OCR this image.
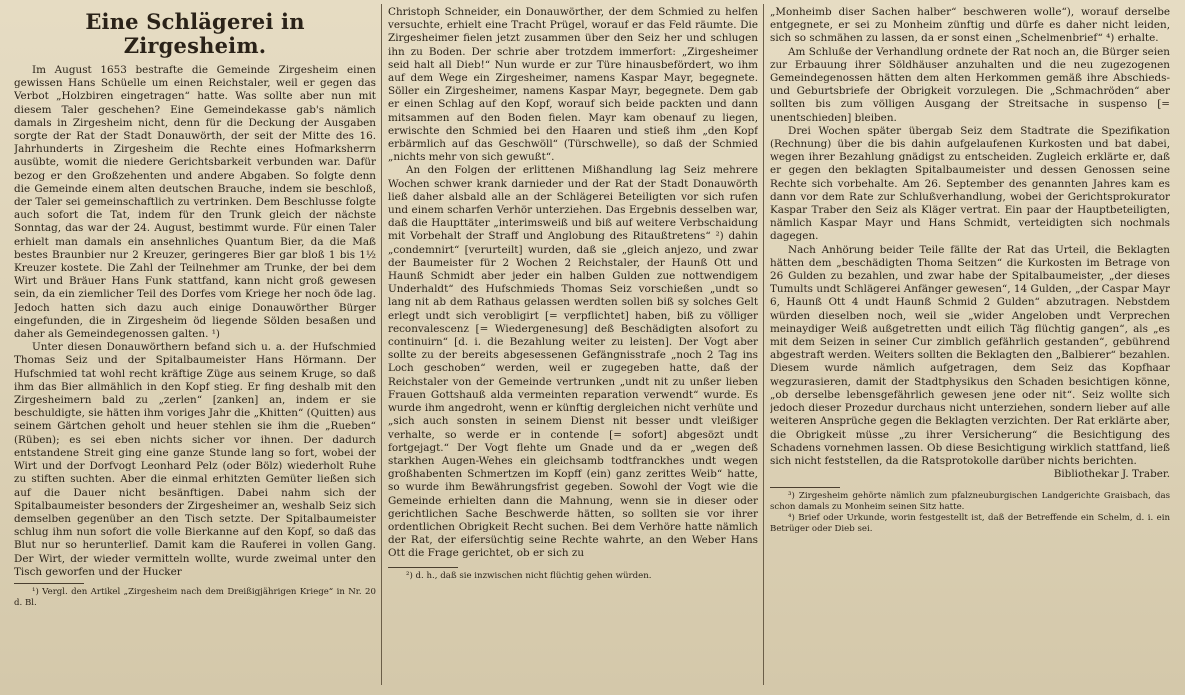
Eine Schlägerei in Zirgesheim.

Im August 1653 bestrafte die Gemeinde Zirgesheim einen gewissen Hans Schüelle um einen Reichstaler, weil er gegen das Verbot „Holzbiren eingetragen“ hatte. Was sollte aber nun mit diesem Taler geschehen? Eine Gemeindekasse gab's nämlich damals in Zirgesheim nicht, denn für die Deckung der Ausgaben sorgte der Rat der Stadt Donauwörth, der seit der Mitte des 16. Jahrhunderts in Zirgesheim die Rechte eines Hofmarksherrn ausübte, womit die niedere Gerichtsbarkeit verbunden war. Dafür bezog er den Großzehenten und andere Abgaben. So folgte denn die Gemeinde einem alten deutschen Brauche, indem sie beschloß, der Taler sei gemeinschaftlich zu vertrinken. Dem Beschlusse folgte auch sofort die Tat, indem für den Trunk gleich der nächste Sonntag, das war der 24. August, bestimmt wurde. Für einen Taler erhielt man damals ein ansehnliches Quantum Bier, da die Maß bestes Braunbier nur 2 Kreuzer, geringeres Bier gar bloß 1 bis 1½ Kreuzer kostete. Die Zahl der Teilnehmer am Trunke, der bei dem Wirt und Bräuer Hans Funk stattfand, kann nicht groß gewesen sein, da ein ziemlicher Teil des Dorfes vom Kriege her noch öde lag. Jedoch hatten sich dazu auch einige Donauwörther Bürger eingefunden, die in Zirgesheim öd liegende Sölden besaßen und daher als Gemeindegenossen galten. ¹)

Unter diesen Donauwörthern befand sich u. a. der Hufschmied Thomas Seiz und der Spitalbaumeister Hans Hörmann. Der Hufschmied tat wohl recht kräftige Züge aus seinem Kruge, so daß ihm das Bier allmählich in den Kopf stieg. Er fing deshalb mit den Zirgesheimern bald zu „zerlen“ [zanken] an, indem er sie beschuldigte, sie hätten ihm voriges Jahr die „Khitten“ (Quitten) aus seinem Gärtchen geholt und heuer stehlen sie ihm die „Rueben“ (Rüben); es sei eben nichts sicher vor ihnen. Der dadurch entstandene Streit ging eine ganze Stunde lang so fort, wobei der Wirt und der Dorfvogt Leonhard Pelz (oder Bölz) wiederholt Ruhe zu stiften suchten. Aber die einmal erhitzten Gemüter ließen sich auf die Dauer nicht besänftigen. Dabei nahm sich der Spitalbaumeister besonders der Zirgesheimer an, weshalb Seiz sich demselben gegenüber an den Tisch setzte. Der Spitalbaumeister schlug ihm nun sofort die volle Bierkanne auf den Kopf, so daß das Blut nur so herunterlief. Damit kam die Rauferei in vollen Gang. Der Wirt, der wieder vermitteln wollte, wurde zweimal unter den Tisch geworfen und der Hucker

¹) Vergl. den Artikel „Zirgesheim nach dem Dreißigjährigen Kriege“ in Nr. 20 d. Bl.

Christoph Schneider, ein Donauwörther, der dem Schmied zu helfen versuchte, erhielt eine Tracht Prügel, worauf er das Feld räumte. Die Zirgesheimer fielen jetzt zusammen über den Seiz her und schlugen ihn zu Boden. Der schrie aber trotzdem immerfort: „Zirgesheimer seid halt all Dieb!“ Nun wurde er zur Türe hinausbefördert, wo ihm auf dem Wege ein Zirgesheimer, namens Kaspar Mayr, begegnete. Söller ein Zirgesheimer, namens Kaspar Mayr, begegnete. Dem gab er einen Schlag auf den Kopf, worauf sich beide packten und dann mitsammen auf den Boden fielen. Mayr kam obenauf zu liegen, erwischte den Schmied bei den Haaren und stieß ihm „den Kopf erbärmlich auf das Geschwöll“ (Türschwelle), so daß der Schmied „nichts mehr von sich gewußt“.

An den Folgen der erlittenen Mißhandlung lag Seiz mehrere Wochen schwer krank darnieder und der Rat der Stadt Donauwörth ließ daher alsbald alle an der Schlägerei Beteiligten vor sich rufen und einem scharfen Verhör unterziehen. Das Ergebnis desselben war, daß die Haupttäter „interimsweiß und biß auf weitere Verbschaidung mit Vorbehalt der Straff und Anglobung des Ritaußtretens“ ²) dahin „condemnirt“ [verurteilt] wurden, daß sie „gleich anjezo, und zwar der Baumeister für 2 Wochen 2 Reichstaler, der Haunß Ott und Haunß Schmidt aber jeder ein halben Gulden zue nottwendigem Underhaldt“ des Hufschmieds Thomas Seiz vorschießen „undt so lang nit ab dem Rathaus gelassen werdten sollen biß sy solches Gelt erlegt undt sich verobligirt [= verpflichtet] haben, biß zu völliger reconvalescenz [= Wiedergenesung] deß Beschädigten alsofort zu continuirn“ [d. i. die Bezahlung weiter zu leisten]. Der Vogt aber sollte zu der bereits abgesessenen Gefängnisstrafe „noch 2 Tag ins Loch geschoben“ werden, weil er zugegeben hatte, daß der Reichstaler von der Gemeinde vertrunken „undt nit zu unßer lieben Frauen Gottshauß alda vermeinten reparation verwendt“ wurde. Es wurde ihm angedroht, wenn er künftig dergleichen nicht verhüte und „sich auch sonsten in seinem Dienst nit besser undt vleißiger verhalte, so werde er in contende [= sofort] abgesözt undt fortgejagt.“ Der Vogt flehte um Gnade und da er „wegen deß starkhen Augen-Wehes ein gleichsamb todtfranckhes undt wegen großhabenten Schmertzen im Kopff (ein) ganz zerittes Weib“ hatte, so wurde ihm Bewährungsfrist gegeben. Sowohl der Vogt wie die Gemeinde erhielten dann die Mahnung, wenn sie in dieser oder gerichtlichen Sache Beschwerde hätten, so sollten sie vor ihrer ordentlichen Obrigkeit Recht suchen. Bei dem Verhöre hatte nämlich der Rat, der eifersüchtig seine Rechte wahrte, an den Weber Hans Ott die Frage gerichtet, ob er sich zu

²) d. h., daß sie inzwischen nicht flüchtig gehen würden.

„Monheimb diser Sachen halber“ beschweren wolle“), worauf derselbe entgegnete, er sei zu Monheim zünftig und dürfe es daher nicht leiden, sich so schmähen zu lassen, da er sonst einen „Schelmenbrief“ ⁴) erhalte.

Am Schluße der Verhandlung ordnete der Rat noch an, die Bürger seien zur Erbauung ihrer Söldhäuser anzuhalten und die neu zugezogenen Gemeindegenossen hätten dem alten Herkommen gemäß ihre Abschieds- und Geburtsbriefe der Obrigkeit vorzulegen. Die „Schmachröden“ aber sollten bis zum völligen Ausgang der Streitsache in suspenso [= unentschieden] bleiben.

Drei Wochen später übergab Seiz dem Stadtrate die Spezifikation (Rechnung) über die bis dahin aufgelaufenen Kurkosten und bat dabei, wegen ihrer Bezahlung gnädigst zu entscheiden. Zugleich erklärte er, daß er gegen den beklagten Spitalbaumeister und dessen Genossen seine Rechte sich vorbehalte. Am 26. September des genannten Jahres kam es dann vor dem Rate zur Schlußverhandlung, wobei der Gerichtsprokurator Kaspar Traber den Seiz als Kläger vertrat. Ein paar der Hauptbeteiligten, nämlich Kaspar Mayr und Hans Schmidt, verteidigten sich nochmals dagegen.

Nach Anhörung beider Teile fällte der Rat das Urteil, die Beklagten hätten dem „beschädigten Thoma Seitzen“ die Kurkosten im Betrage von 26 Gulden zu bezahlen, und zwar habe der Spitalbaumeister, „der dieses Tumults undt Schlägerei Anfänger gewesen“, 14 Gulden, „der Caspar Mayr 6, Haunß Ott 4 undt Haunß Schmid 2 Gulden“ abzutragen. Nebstdem würden dieselben noch, weil sie „wider Angeloben undt Verprechen meinaydiger Weiß außgetretten undt eilich Täg flüchtig gangen“, als „es mit dem Seizen in seiner Cur zimblich gefährlich gestanden“, gebührend abgestraft werden. Weiters sollten die Beklagten den „Balbierer“ bezahlen. Diesem wurde nämlich aufgetragen, dem Seiz das Kopfhaar wegzurasieren, damit der Stadtphysikus den Schaden besichtigen könne, „ob derselbe lebensgefährlich gewesen jene oder nit“. Seiz wollte sich jedoch dieser Prozedur durchaus nicht unterziehen, sondern lieber auf alle weiteren Ansprüche gegen die Beklagten verzichten. Der Rat erklärte aber, die Obrigkeit müsse „zu ihrer Versicherung“ die Besichtigung des Schadens vornehmen lassen. Ob diese Besichtigung wirklich stattfand, ließ sich nicht feststellen, da die Ratsprotokolle darüber nichts berichten.

Bibliothekar J. Traber.

³) Zirgesheim gehörte nämlich zum pfalzneuburgischen Landgerichte Graisbach, das schon damals zu Monheim seinen Sitz hatte.

⁴) Brief oder Urkunde, worin festgestellt ist, daß der Betreffende ein Schelm, d. i. ein Betrüger oder Dieb sei.
